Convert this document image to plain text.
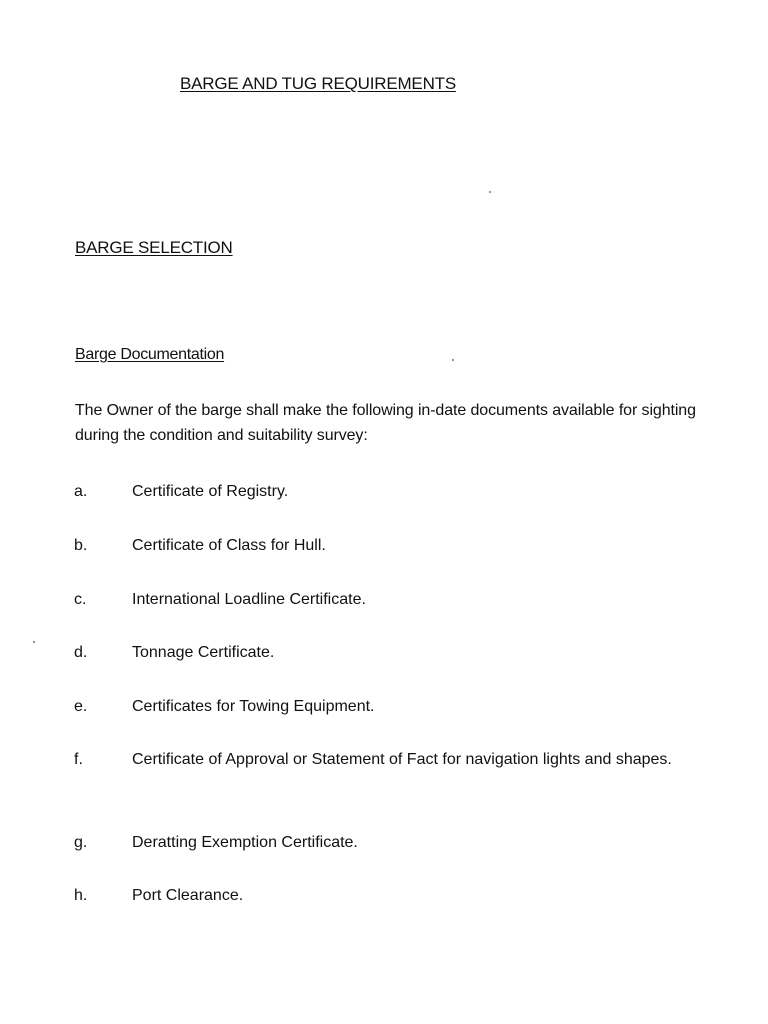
BARGE AND TUG REQUIREMENTS
BARGE SELECTION
Barge Documentation
The Owner of the barge shall make the following in-date documents available for sighting during the condition and suitability survey:
a.	Certificate of Registry.
b.	Certificate of Class for Hull.
c.	International Loadline Certificate.
d.	Tonnage Certificate.
e.	Certificates for Towing Equipment.
f.	Certificate of Approval or Statement of Fact for navigation lights and shapes.
g.	Deratting Exemption Certificate.
h.	Port Clearance.
